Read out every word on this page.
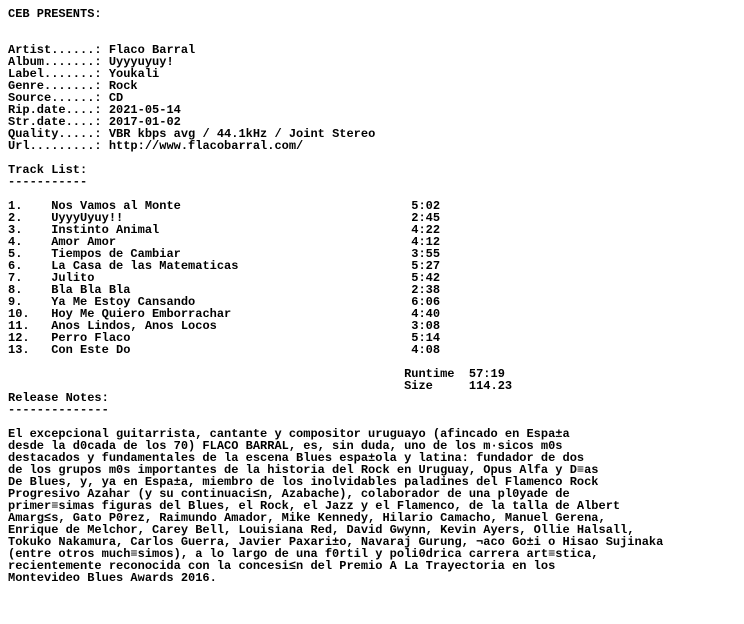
CEB PRESENTS:

Artist......: Flaco Barral
Album.......: Uyyyuyuy!
Label.......: Youkali
Genre.......: Rock
Source......: CD
Rip.date....: 2021-05-14
Str.date....: 2017-01-02
Quality.....: VBR kbps avg / 44.1kHz / Joint Stereo
Url.........: http://www.flacobarral.com/

Track List:
-----------

1.    Nos Vamos al Monte                                5:02
2.    UyyyUyuy!!                                        2:45
3.    Instinto Animal                                   4:22
4.    Amor Amor                                         4:12
5.    Tiempos de Cambiar                                3:55
6.    La Casa de las Matematicas                        5:27
7.    Julito                                            5:42
8.    Bla Bla Bla                                       2:38
9.    Ya Me Estoy Cansando                              6:06
10.   Hoy Me Quiero Emborrachar                         4:40
11.   Anos Lindos, Anos Locos                           3:08
12.   Perro Flaco                                       5:14
13.   Con Este Do                                       4:08

Runtime 57:19
Size	114.23
Release Notes:
--------------

El excepcional guitarrista, cantante y compositor uruguayo (afincado en Espa±a
desde la d0cada de los 70) FLACO BARRAL, es, sin duda, uno de los m·sicos m0s
destacados y fundamentales de la escena Blues espa±ola y latina: fundador de dos
de los grupos m0s importantes de la historia del Rock en Uruguay, Opus Alfa y D≡as
De Blues, y, ya en Espa±a, miembro de los inolvidables paladines del Flamenco Rock
Progresivo Azahar (y su continuaci≤n, Azabache), colaborador de una pl0yade de
primer≡simas figuras del Blues, el Rock, el Jazz y el Flamenco, de la talla de Albert
Amarg≤s, Gato P0rez, Raimundo Amador, Mike Kennedy, Hilario Camacho, Manuel Gerena,
Enrique de Melchor, Carey Bell, Louisiana Red, David Gwynn, Kevin Ayers, Ollie Halsall,
Tokuko Nakamura, Carlos Guerra, Javier Paxari±o, Navaraj Gurung, ¬aco Go±i o Hisao Sujinaka
(entre otros much≡simos), a lo largo de una f0rtil y poli0drica carrera art≡stica,
recientemente reconocida con la concesi≤n del Premio A La Trayectoria en los
Montevideo Blues Awards 2016.
